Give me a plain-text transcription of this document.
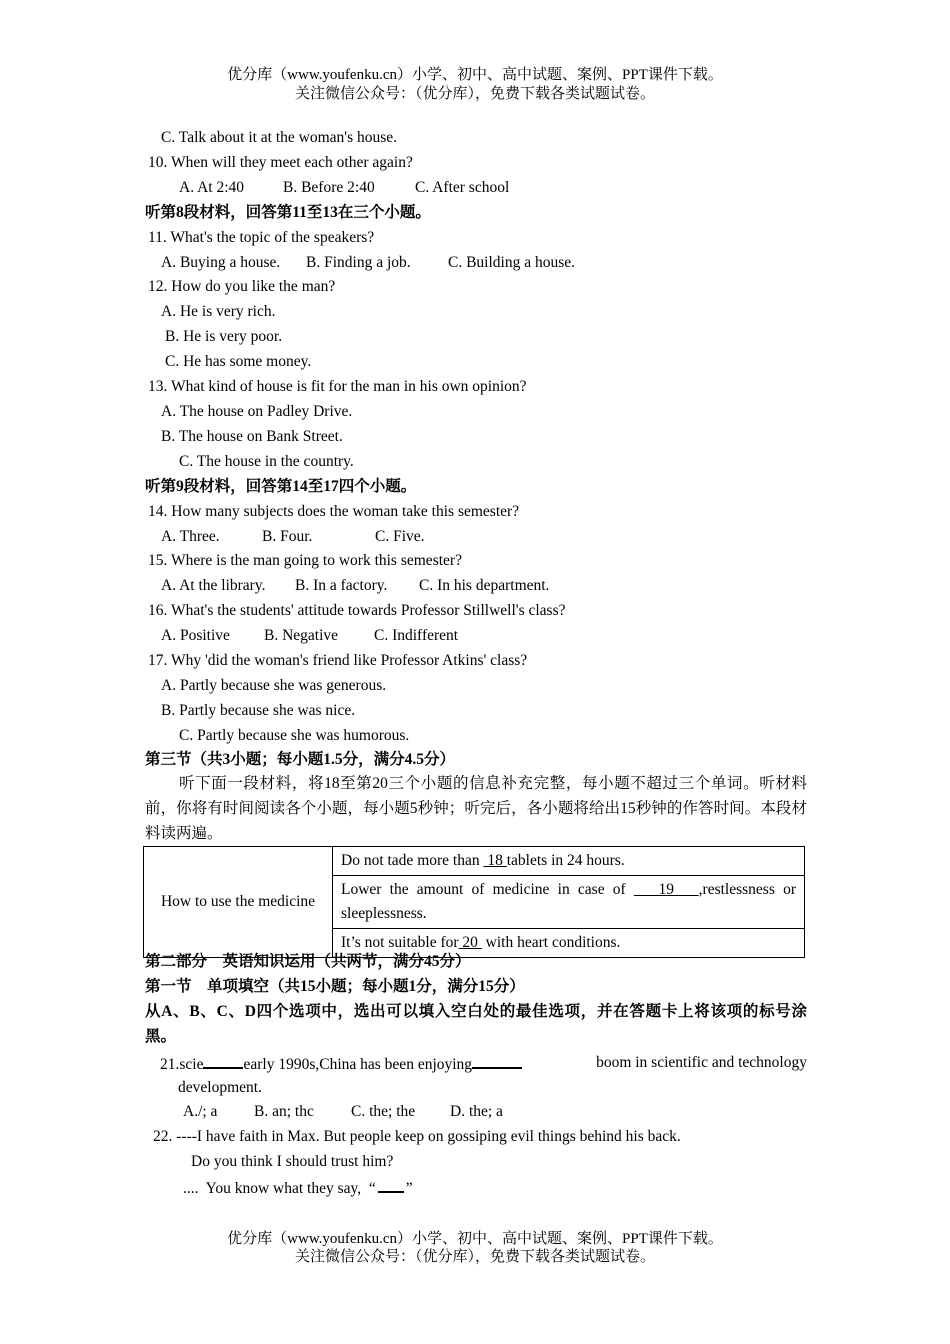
优分库（www.youfenku.cn）小学、初中、高中试题、案例、PPT课件下载。
关注微信公众号：（优分库），免费下载各类试题试卷。
C. Talk about it at the woman's house.
10. When will they meet each other again?
A. At 2:40	B. Before 2:40	C. After school
听第8段材料，回答第11至13在三个小题。
11. What's the topic of the speakers?
A. Buying a house. B. Finding a job. C. Building a house.
12. How do you like the man?
A. He is very rich.
B. He is very poor.
C. He has some money.
13. What kind of house is fit for the man in his own opinion?
A. The house on Padley Drive.
B. The house on Bank Street.
C. The house in the country.
听第9段材料，回答第14至17四个小题。
14. How many subjects does the woman take this semester?
A. Three.	B. Four.	C. Five.
15. Where is the man going to work this semester?
A. At the library. B. In a factory. C. In his department.
16. What's the students' attitude towards Professor Stillwell's class?
A. Positive B. Negative C. Indifferent
17. Why 'did the woman's friend like Professor Atkins' class?
A. Partly because she was generous.
B. Partly because she was nice.
C. Partly because she was humorous.
第三节（共3小题；每小题1.5分，满分4.5分）
听下面一段材料，将18至第20三个小题的信息补充完整，每小题不超过三个单词。听材料前，你将有时间阅读各个小题，每小题5秒钟；听完后，各小题将给出15秒钟的作答时间。本段材料读两遍。
How to use the medicine	Do not tade more than  18 tablets in 24 hours.
Lower the amount of medicine in case of    19   ,restlessness or sleeplessness.
It’s not suitable for 20  with heart conditions.
第二部分　英语知识运用（共两节，满分45分）
第一节　单项填空（共15小题；每小题1分，满分15分）
从A、B、C、D四个选项中，选出可以填入空白处的最佳选项，并在答题卡上将该项的标号涂黑。
21.scie	early 1990s,China has been enjoying	boom in scientific and technology
development.
A./; a B. an; thc C. the; the D. the; a
22. ----I have faith in Max. But people keep on gossiping evil things behind his back.
Do you think I should trust him?
....  You know what they say,  “ ”
优分库（www.youfenku.cn）小学、初中、高中试题、案例、PPT课件下载。
关注微信公众号：（优分库），免费下载各类试题试卷。
